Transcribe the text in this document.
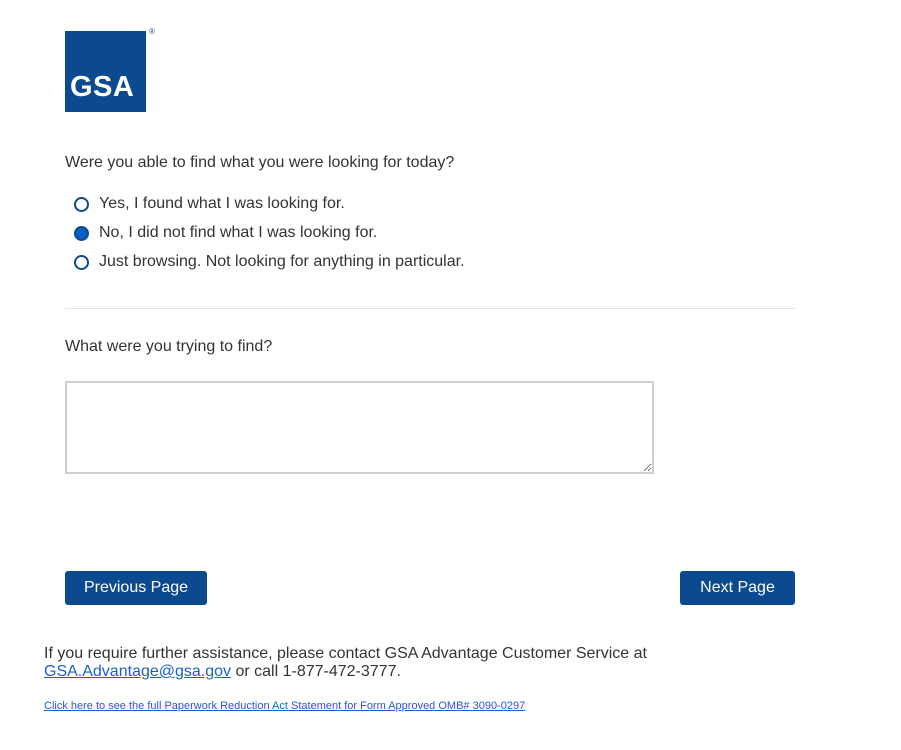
GSA
®
Were you able to find what you were looking for today?
Yes, I found what I was looking for.
No, I did not find what I was looking for.
Just browsing. Not looking for anything in particular.
What were you trying to find?
Previous Page	Next Page
If you require further assistance, please contact GSA Advantage Customer Service at
GSA.Advantage@gsa.gov or call 1-877-472-3777.
Click here to see the full Paperwork Reduction Act Statement for Form Approved OMB# 3090-0297
